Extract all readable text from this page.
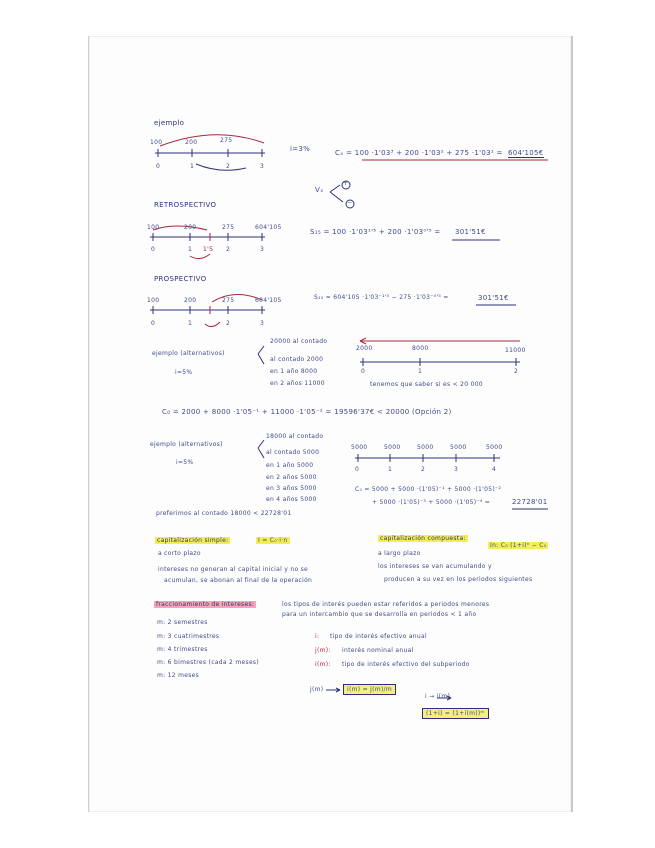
ejemplo
100	200	275
0	1	2	3
i=3%	Cₓ = 100 ·1'03³ + 200 ·1'03² + 275 ·1'03¹ = 604'105€
Vₓ
+
−
RETROSPECTIVO
100	200	275	604'105
0	1 1'5 2	3
S₁₅ = 100 ·1'03¹'⁵ + 200 ·1'03⁰'⁵ = 301'51€
PROSPECTIVO
100	200	275	604'105
0	1	2	3
S₁₅ = 604'105 ·1'03⁻¹'⁵ − 275 ·1'03⁻⁰'⁵ =	301'51€
ejemplo (alternativos)
20000 al contado
al contado 2000
en 1 año 8000
en 2 años 11000
i=5%
2000	8000	11000
0	1	2
tenemos que saber si es < 20 000
C₀ = 2000 + 8000 ·1'05⁻¹ + 11000 ·1'05⁻² = 19596'37€ < 20000 (Opción 2)
ejemplo (alternativos)
18000 al contado
al contado 5000
en 1 año 5000
en 2 años 5000
en 3 años 5000
en 4 años 5000
i=5%
5000	5000	5000	5000	5000
0	1	2	3	4
C₀ = 5000 + 5000 ·(1'05)⁻¹ + 5000 ·(1'05)⁻²
+ 5000 ·(1'05)⁻³ + 5000 ·(1'05)⁻⁴ =	22728'01
preferimos al contado 18000 < 22728'01
capitalización simple:	I = C₀·i·n
a corto plazo
intereses no generan al capital inicial y no se
acumulan, se abonan al final de la operación
capitalización compuesta:
In: C₀ (1+i)ⁿ − C₀
a largo plazo
los intereses se van acumulando y
producen a su vez en los periodos siguientes
fraccionamiento de intereses:	los tipos de interés pueden estar referidos a periodos menores
para un intercambio que se desarrolla en periodos < 1 año
m: 2 semestres
m: 3 cuatrimestres
m: 4 trimestres
m: 6 bimestres (cada 2 meses)
m: 12 meses
i: tipo de interés efectivo anual
j(m): interés nominal anual
i(m): tipo de interés efectivo del subperiodo
j(m)	i(m) = j(m)/m
i → i(m)
(1+i) = (1+i(m))ᵐ
